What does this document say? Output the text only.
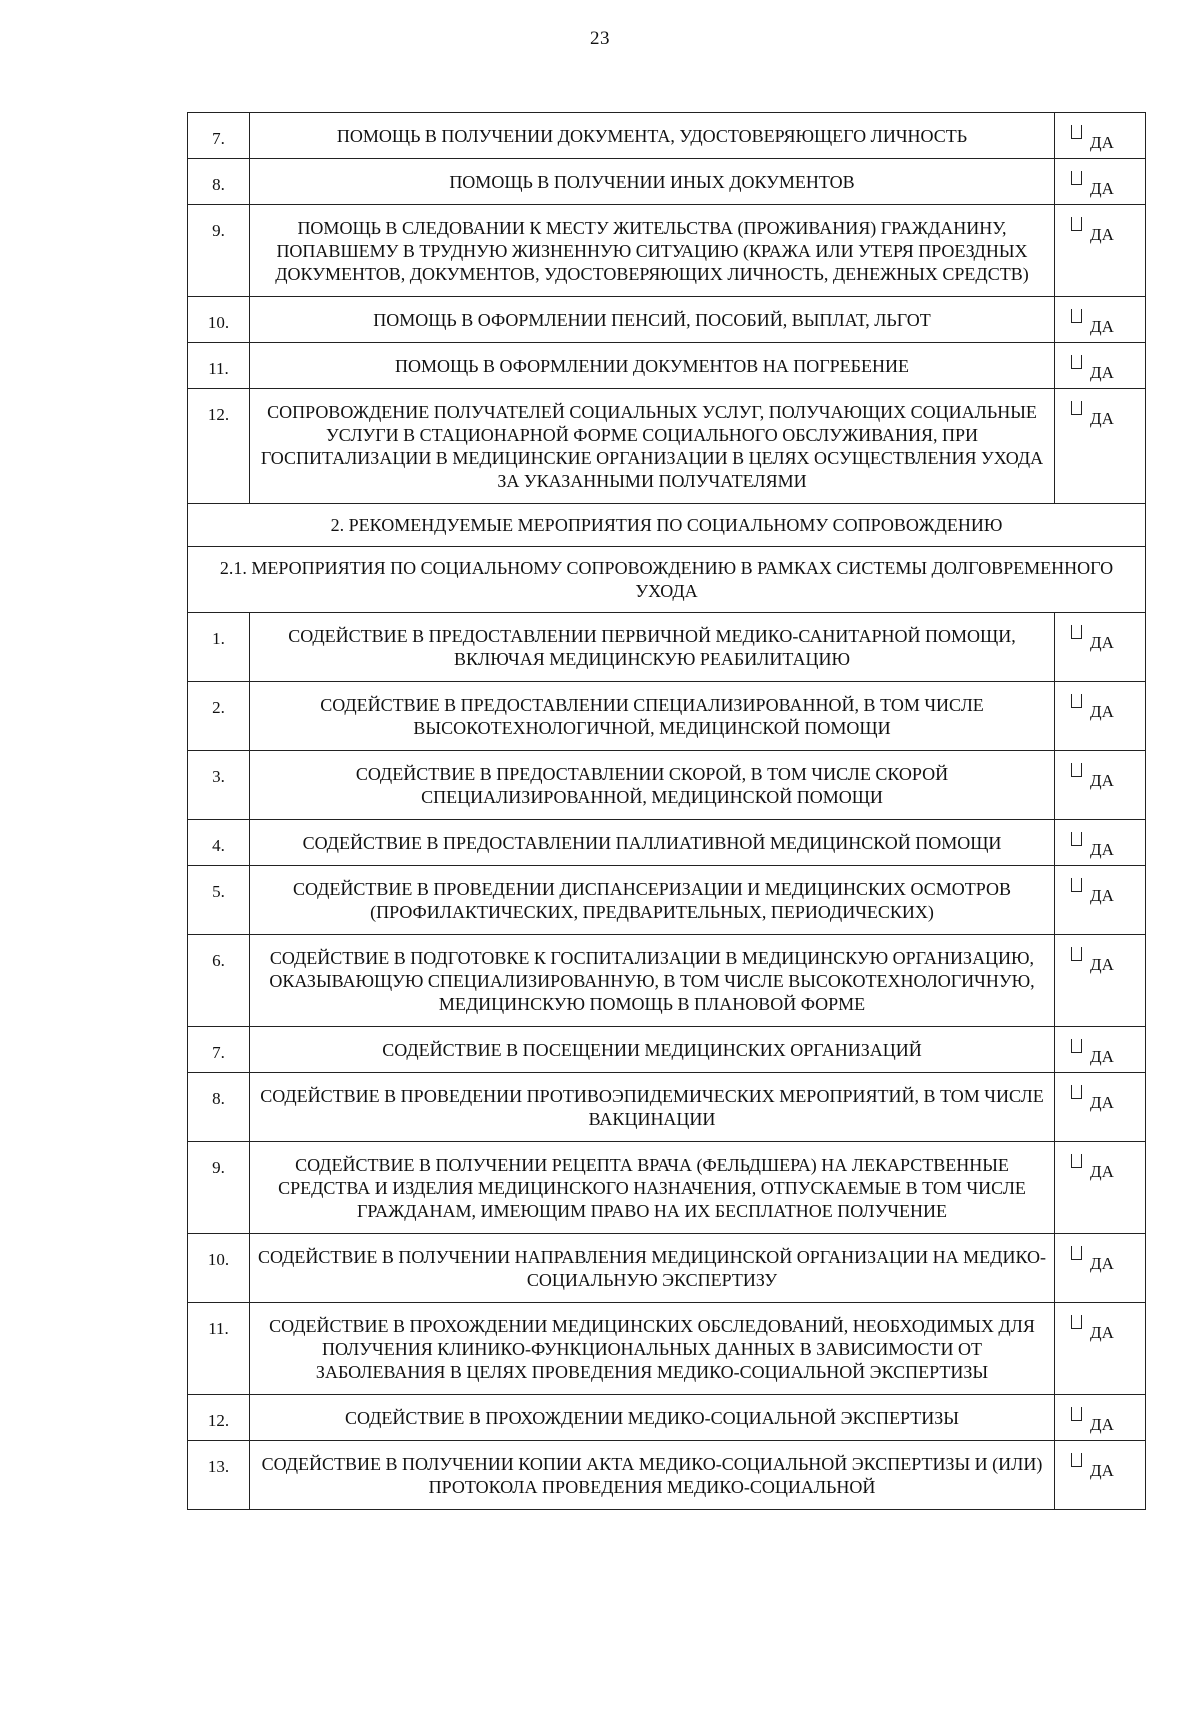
23
7.	ПОМОЩЬ В ПОЛУЧЕНИИ ДОКУМЕНТА, УДОСТОВЕРЯЮЩЕГО ЛИЧНОСТЬ	ДА
8.	ПОМОЩЬ В ПОЛУЧЕНИИ ИНЫХ ДОКУМЕНТОВ	ДА
9.	ПОМОЩЬ В СЛЕДОВАНИИ К МЕСТУ ЖИТЕЛЬСТВА (ПРОЖИВАНИЯ) ГРАЖДАНИНУ, ПОПАВШЕМУ В ТРУДНУЮ ЖИЗНЕННУЮ СИТУАЦИЮ (КРАЖА ИЛИ УТЕРЯ ПРОЕЗДНЫХ ДОКУМЕНТОВ, ДОКУМЕНТОВ, УДОСТОВЕРЯЮЩИХ ЛИЧНОСТЬ, ДЕНЕЖНЫХ СРЕДСТВ)	ДА
10.	ПОМОЩЬ В ОФОРМЛЕНИИ ПЕНСИЙ, ПОСОБИЙ, ВЫПЛАТ, ЛЬГОТ	ДА
11.	ПОМОЩЬ В ОФОРМЛЕНИИ ДОКУМЕНТОВ НА ПОГРЕБЕНИЕ	ДА
12.	СОПРОВОЖДЕНИЕ ПОЛУЧАТЕЛЕЙ СОЦИАЛЬНЫХ УСЛУГ, ПОЛУЧАЮЩИХ СОЦИАЛЬНЫЕ УСЛУГИ В СТАЦИОНАРНОЙ ФОРМЕ СОЦИАЛЬНОГО ОБСЛУЖИВАНИЯ, ПРИ ГОСПИТАЛИЗАЦИИ В МЕДИЦИНСКИЕ ОРГАНИЗАЦИИ В ЦЕЛЯХ ОСУЩЕСТВЛЕНИЯ УХОДА ЗА УКАЗАННЫМИ ПОЛУЧАТЕЛЯМИ	ДА
2. РЕКОМЕНДУЕМЫЕ МЕРОПРИЯТИЯ ПО СОЦИАЛЬНОМУ СОПРОВОЖДЕНИЮ		
2.1. МЕРОПРИЯТИЯ ПО СОЦИАЛЬНОМУ СОПРОВОЖДЕНИЮ В РАМКАХ СИСТЕМЫ ДОЛГОВРЕМЕННОГО УХОДА		
1.	СОДЕЙСТВИЕ В ПРЕДОСТАВЛЕНИИ ПЕРВИЧНОЙ МЕДИКО-САНИТАРНОЙ ПОМОЩИ, ВКЛЮЧАЯ МЕДИЦИНСКУЮ РЕАБИЛИТАЦИЮ	ДА
2.	СОДЕЙСТВИЕ В ПРЕДОСТАВЛЕНИИ СПЕЦИАЛИЗИРОВАННОЙ, В ТОМ ЧИСЛЕ ВЫСОКОТЕХНОЛОГИЧНОЙ, МЕДИЦИНСКОЙ ПОМОЩИ	ДА
3.	СОДЕЙСТВИЕ В ПРЕДОСТАВЛЕНИИ СКОРОЙ, В ТОМ ЧИСЛЕ СКОРОЙ СПЕЦИАЛИЗИРОВАННОЙ, МЕДИЦИНСКОЙ ПОМОЩИ	ДА
4.	СОДЕЙСТВИЕ В ПРЕДОСТАВЛЕНИИ ПАЛЛИАТИВНОЙ МЕДИЦИНСКОЙ ПОМОЩИ	ДА
5.	СОДЕЙСТВИЕ В ПРОВЕДЕНИИ ДИСПАНСЕРИЗАЦИИ И МЕДИЦИНСКИХ ОСМОТРОВ (ПРОФИЛАКТИЧЕСКИХ, ПРЕДВАРИТЕЛЬНЫХ, ПЕРИОДИЧЕСКИХ)	ДА
6.	СОДЕЙСТВИЕ В ПОДГОТОВКЕ К ГОСПИТАЛИЗАЦИИ В МЕДИЦИНСКУЮ ОРГАНИЗАЦИЮ, ОКАЗЫВАЮЩУЮ СПЕЦИАЛИЗИРОВАННУЮ, В ТОМ ЧИСЛЕ ВЫСОКОТЕХНОЛОГИЧНУЮ, МЕДИЦИНСКУЮ ПОМОЩЬ В ПЛАНОВОЙ ФОРМЕ	ДА
7.	СОДЕЙСТВИЕ В ПОСЕЩЕНИИ МЕДИЦИНСКИХ ОРГАНИЗАЦИЙ	ДА
8.	СОДЕЙСТВИЕ В ПРОВЕДЕНИИ ПРОТИВОЭПИДЕМИЧЕСКИХ МЕРОПРИЯТИЙ, В ТОМ ЧИСЛЕ ВАКЦИНАЦИИ	ДА
9.	СОДЕЙСТВИЕ В ПОЛУЧЕНИИ РЕЦЕПТА ВРАЧА (ФЕЛЬДШЕРА) НА ЛЕКАРСТВЕННЫЕ СРЕДСТВА И ИЗДЕЛИЯ МЕДИЦИНСКОГО НАЗНАЧЕНИЯ, ОТПУСКАЕМЫЕ В ТОМ ЧИСЛЕ ГРАЖДАНАМ, ИМЕЮЩИМ ПРАВО НА ИХ БЕСПЛАТНОЕ ПОЛУЧЕНИЕ	ДА
10.	СОДЕЙСТВИЕ В ПОЛУЧЕНИИ НАПРАВЛЕНИЯ МЕДИЦИНСКОЙ ОРГАНИЗАЦИИ НА МЕДИКО-СОЦИАЛЬНУЮ ЭКСПЕРТИЗУ	ДА
11.	СОДЕЙСТВИЕ В ПРОХОЖДЕНИИ МЕДИЦИНСКИХ ОБСЛЕДОВАНИЙ, НЕОБХОДИМЫХ ДЛЯ ПОЛУЧЕНИЯ КЛИНИКО-ФУНКЦИОНАЛЬНЫХ ДАННЫХ В ЗАВИСИМОСТИ ОТ ЗАБОЛЕВАНИЯ В ЦЕЛЯХ ПРОВЕДЕНИЯ МЕДИКО-СОЦИАЛЬНОЙ ЭКСПЕРТИЗЫ	ДА
12.	СОДЕЙСТВИЕ В ПРОХОЖДЕНИИ МЕДИКО-СОЦИАЛЬНОЙ ЭКСПЕРТИЗЫ	ДА
13.	СОДЕЙСТВИЕ В ПОЛУЧЕНИИ КОПИИ АКТА МЕДИКО-СОЦИАЛЬНОЙ ЭКСПЕРТИЗЫ И (ИЛИ) ПРОТОКОЛА ПРОВЕДЕНИЯ МЕДИКО-СОЦИАЛЬНОЙ	ДА
